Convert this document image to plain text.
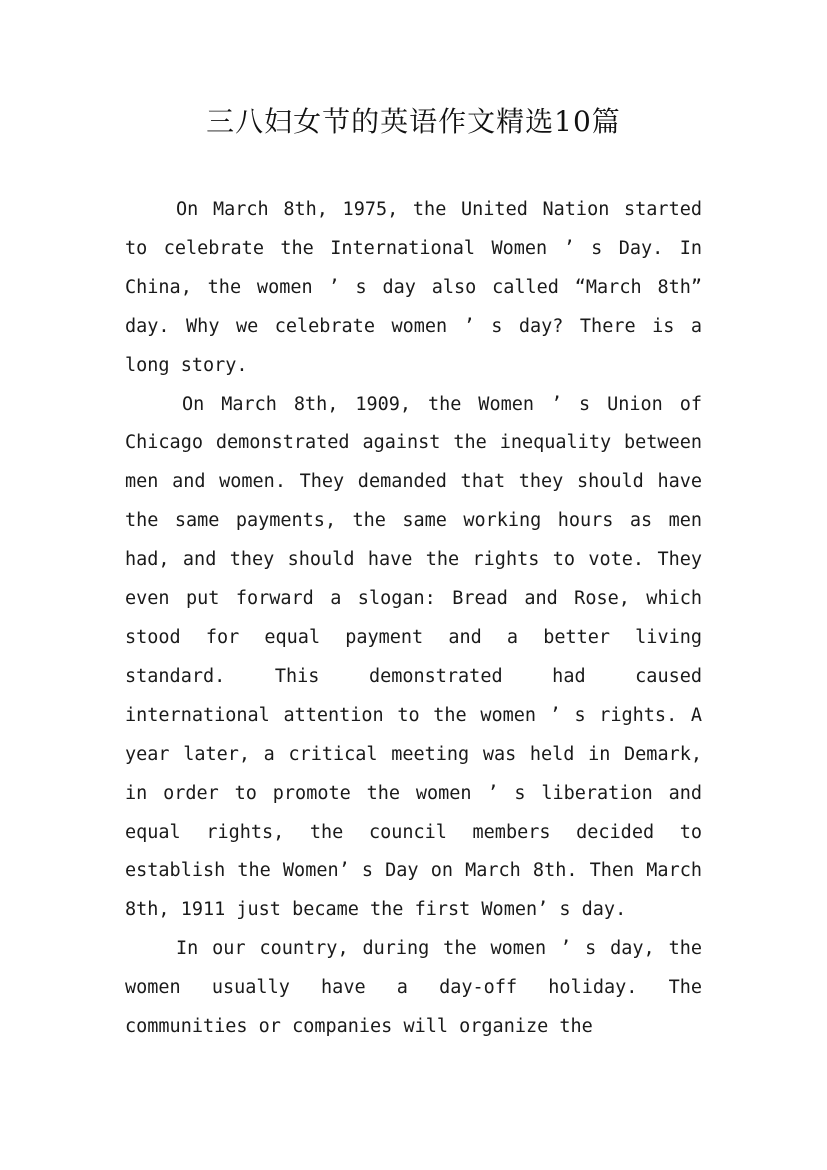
三八妇女节的英语作文精选10篇

On March 8th, 1975, the United Nation started to celebrate the International Women ’ s Day. In China, the women ’ s day also called “March 8th” day. Why we celebrate women ’ s day? There is a long story.

On March 8th, 1909, the Women ’ s Union of Chicago demonstrated against the inequality between men and women. They demanded that they should have the same payments, the same working hours as men had, and they should have the rights to vote. They even put forward a slogan: Bread and Rose, which stood for equal payment and a better living standard. This demonstrated had caused international attention to the women ’ s rights. A year later, a critical meeting was held in Demark, in order to promote the women ’ s liberation and equal rights, the council members decided to establish the Women’ s Day on March 8th. Then March 8th, 1911 just became the first Women’ s day.

In our country, during the women ’ s day, the women usually have a day-off holiday. The communities or companies will organize the
